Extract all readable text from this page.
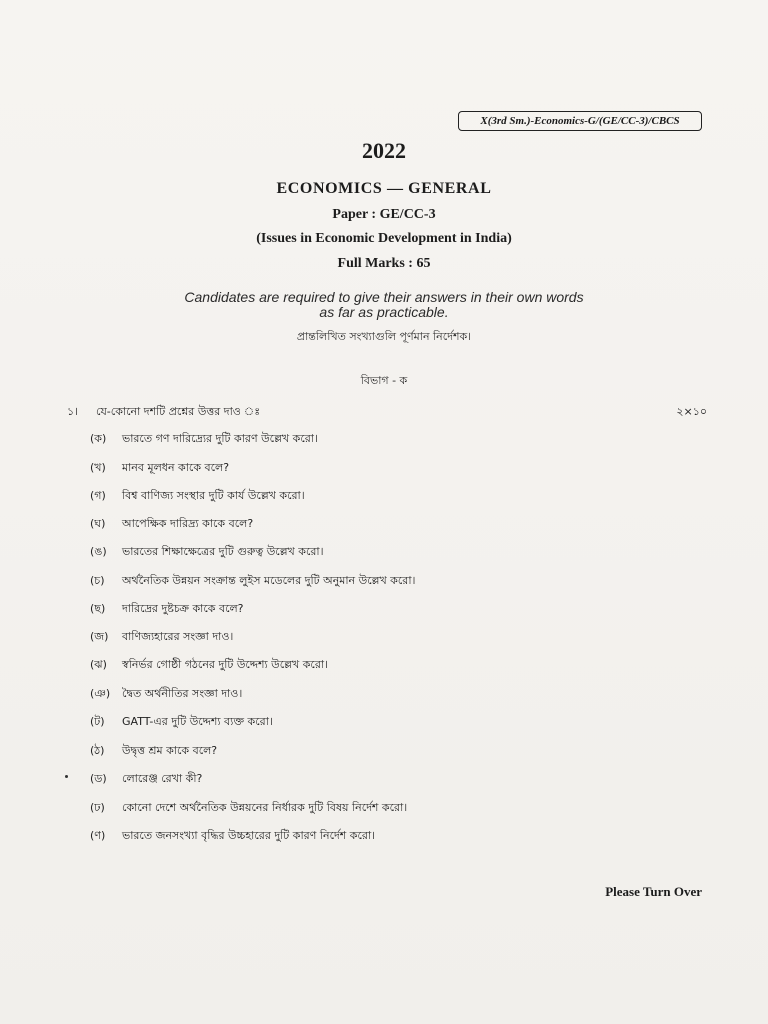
X(3rd Sm.)-Economics-G/(GE/CC-3)/CBCS
2022
ECONOMICS — GENERAL
Paper : GE/CC-3
(Issues in Economic Development in India)
Full Marks : 65
Candidates are required to give their answers in their own words
as far as practicable.
প্রান্তলিখিত সংখ্যাগুলি পূর্ণমান নির্দেশক।
বিভাগ - ক
১। যে-কোনো দশটি প্রশ্নের উত্তর দাও ঃ	২×১০
(ক) ভারতে গণ দারিদ্র্যের দুটি কারণ উল্লেখ করো।
(খ) মানব মূলধন কাকে বলে?
(গ) বিশ্ব বাণিজ্য সংস্থার দুটি কার্য উল্লেখ করো।
(ঘ) আপেক্ষিক দারিদ্র্য কাকে বলে?
(ঙ) ভারতের শিক্ষাক্ষেত্রের দুটি গুরুত্ব উল্লেখ করো।
(চ) অর্থনৈতিক উন্নয়ন সংক্রান্ত লুইস মডেলের দুটি অনুমান উল্লেখ করো।
(ছ) দারিদ্রের দুষ্টচক্র কাকে বলে?
(জ) বাণিজ্যহারের সংজ্ঞা দাও।
(ঝ) স্বনির্ভর গোষ্ঠী গঠনের দুটি উদ্দেশ্য উল্লেখ করো।
(ঞ) দ্বৈত অর্থনীতির সংজ্ঞা দাও।
(ট) GATT-এর দুটি উদ্দেশ্য ব্যক্ত করো।
(ঠ) উদ্বৃত্ত শ্রম কাকে বলে?
(ড) লোরেঞ্জ রেখা কী?
(ঢ) কোনো দেশে অর্থনৈতিক উন্নয়নের নির্ধারক দুটি বিষয় নির্দেশ করো।
(ণ) ভারতে জনসংখ্যা বৃদ্ধির উচ্চহারের দুটি কারণ নির্দেশ করো।
Please Turn Over
